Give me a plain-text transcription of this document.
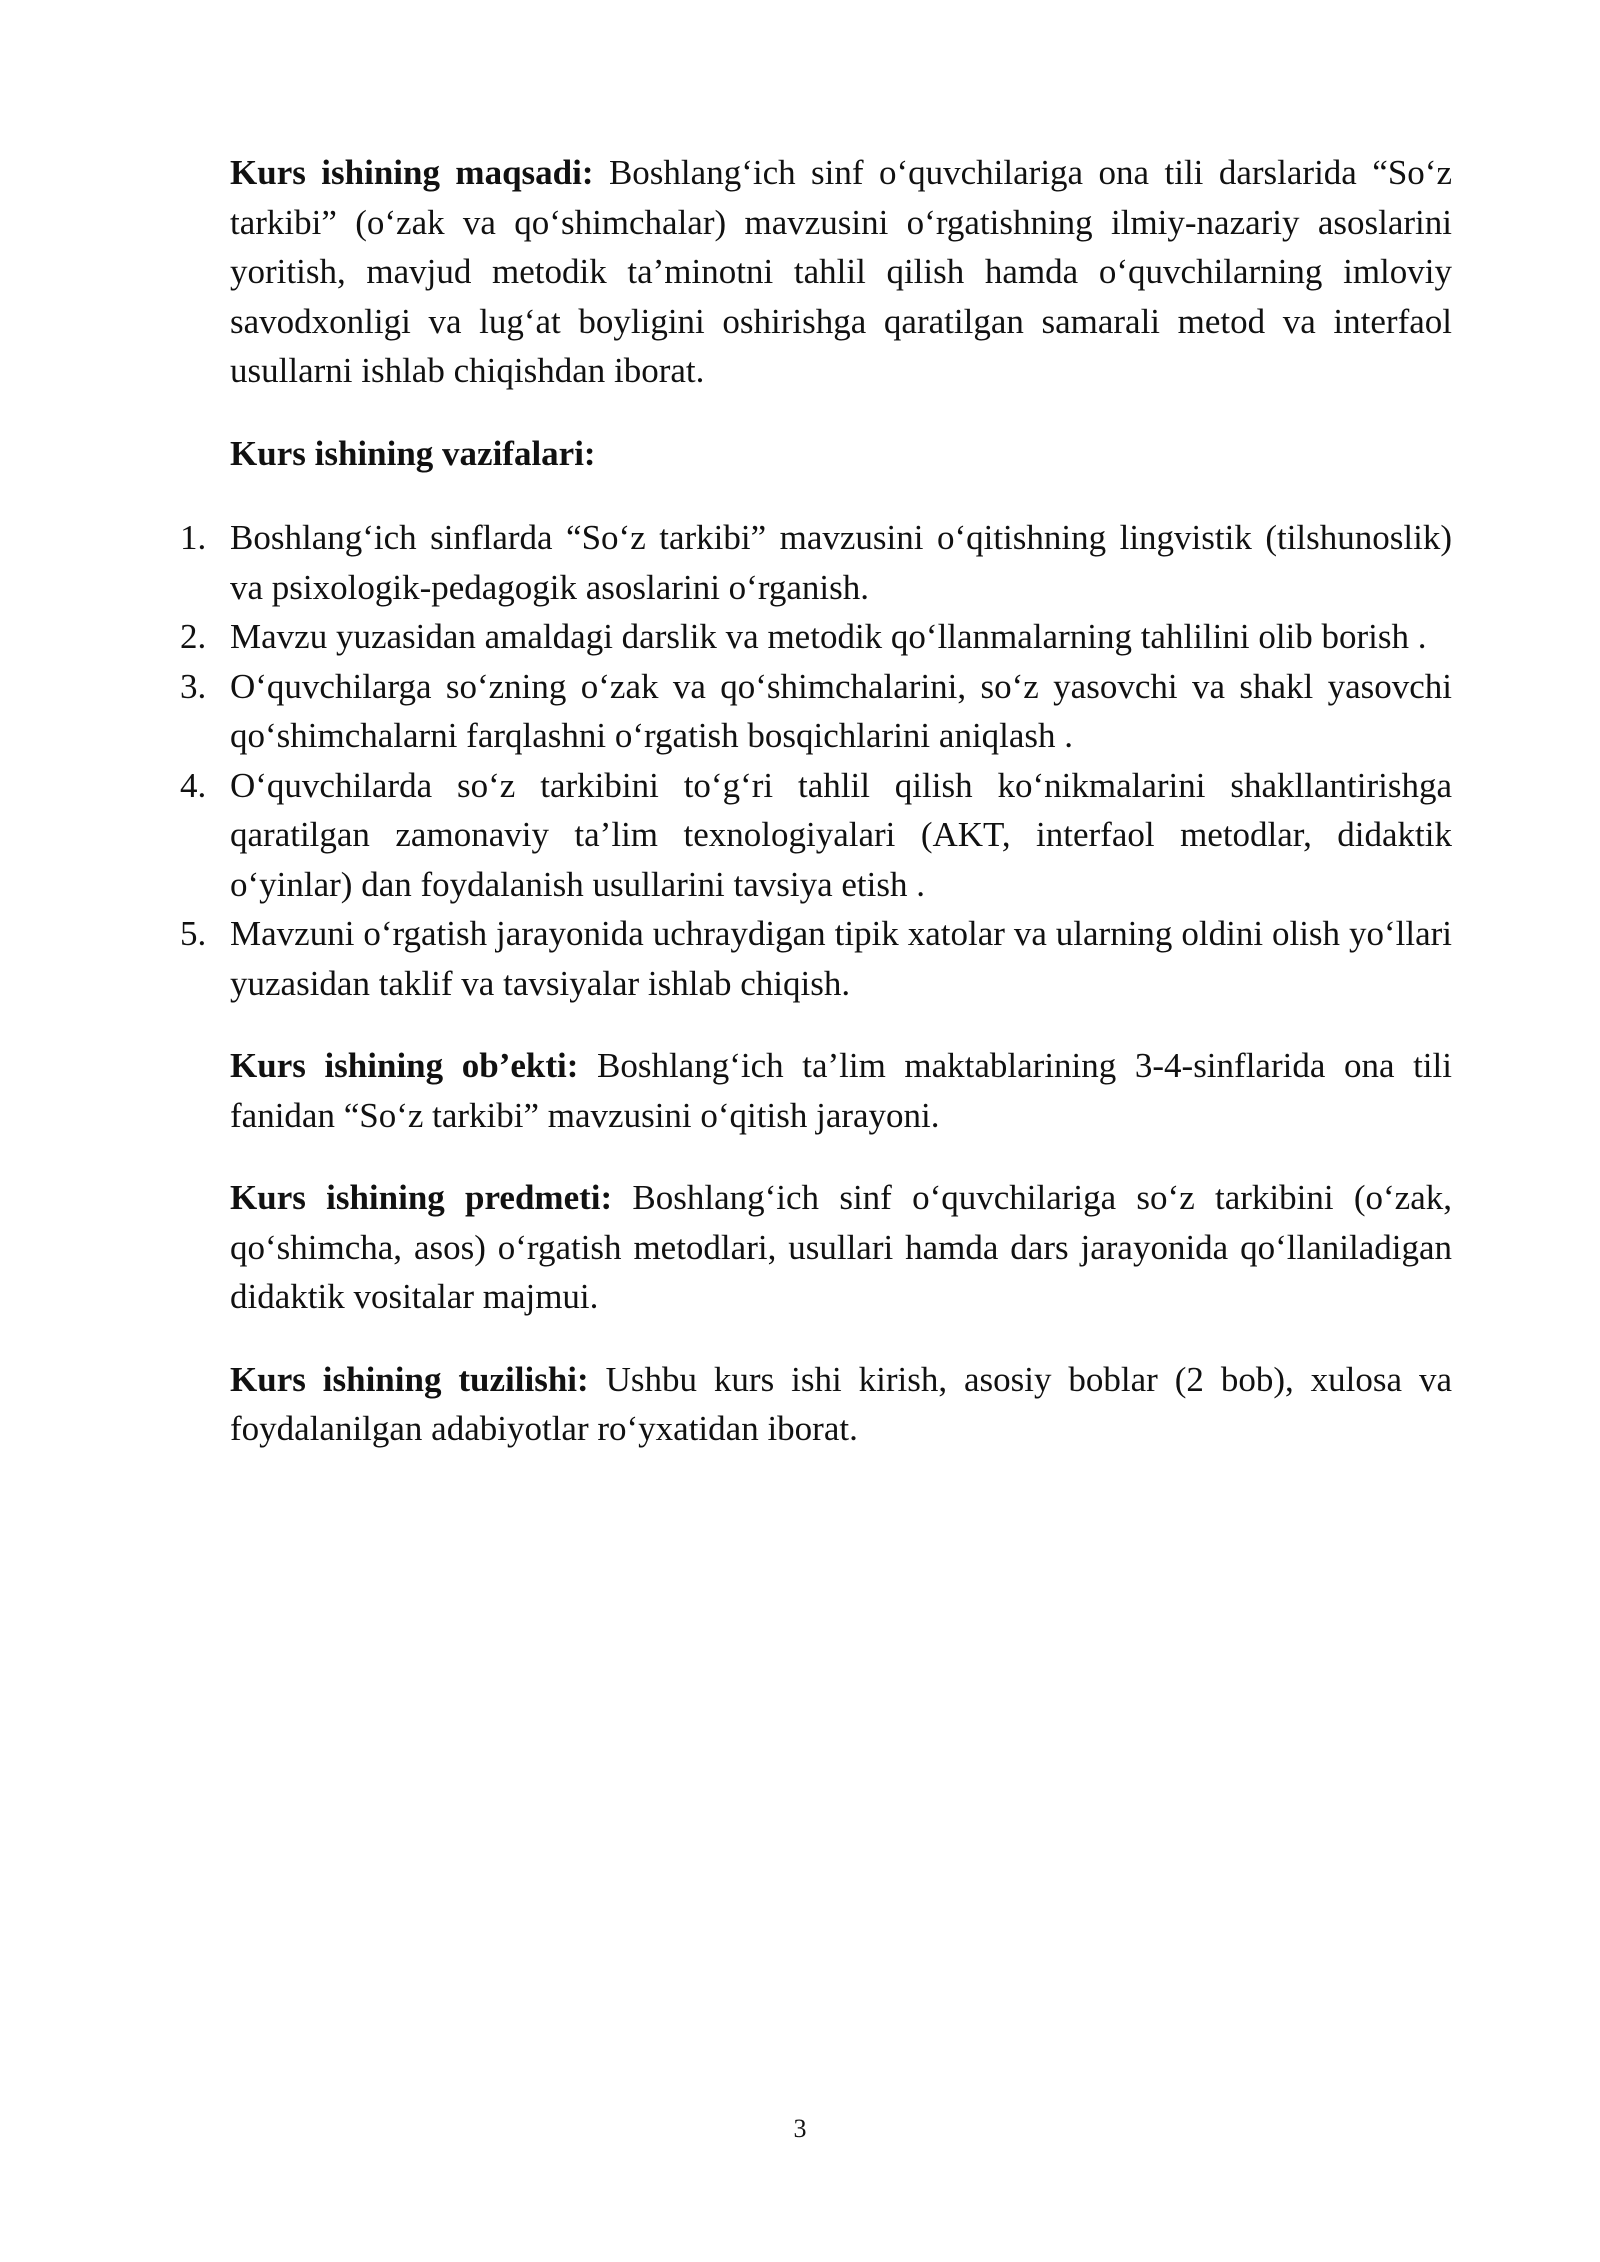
Kurs ishining maqsadi: Boshlang‘ich sinf o‘quvchilariga ona tili darslarida “So‘z tarkibi” (o‘zak va qo‘shimchalar) mavzusini o‘rgatishning ilmiy-nazariy asoslarini yoritish, mavjud metodik ta’minotni tahlil qilish hamda o‘quvchilarning imloviy savodxonligi va lug‘at boyligini oshirishga qaratilgan samarali metod va interfaol usullarni ishlab chiqishdan iborat.

Kurs ishining vazifalari:

1. Boshlang‘ich sinflarda “So‘z tarkibi” mavzusini o‘qitishning lingvistik (tilshunoslik) va psixologik-pedagogik asoslarini o‘rganish.
2. Mavzu yuzasidan amaldagi darslik va metodik qo‘llanmalarning tahlilini olib borish .
3. O‘quvchilarga so‘zning o‘zak va qo‘shimchalarini, so‘z yasovchi va shakl yasovchi qo‘shimchalarni farqlashni o‘rgatish bosqichlarini aniqlash .
4. O‘quvchilarda so‘z tarkibini to‘g‘ri tahlil qilish ko‘nikmalarini shakllantirishga qaratilgan zamonaviy ta’lim texnologiyalari (AKT, interfaol metodlar, didaktik o‘yinlar) dan foydalanish usullarini tavsiya etish .
5. Mavzuni o‘rgatish jarayonida uchraydigan tipik xatolar va ularning oldini olish yo‘llari yuzasidan taklif va tavsiyalar ishlab chiqish.

Kurs ishining ob’ekti: Boshlang‘ich ta’lim maktablarining 3-4-sinflarida ona tili fanidan “So‘z tarkibi” mavzusini o‘qitish jarayoni.

Kurs ishining predmeti: Boshlang‘ich sinf o‘quvchilariga so‘z tarkibini (o‘zak, qo‘shimcha, asos) o‘rgatish metodlari, usullari hamda dars jarayonida qo‘llaniladigan didaktik vositalar majmui.

Kurs ishining tuzilishi: Ushbu kurs ishi kirish, asosiy boblar (2 bob), xulosa va foydalanilgan adabiyotlar ro‘yxatidan iborat.

3
